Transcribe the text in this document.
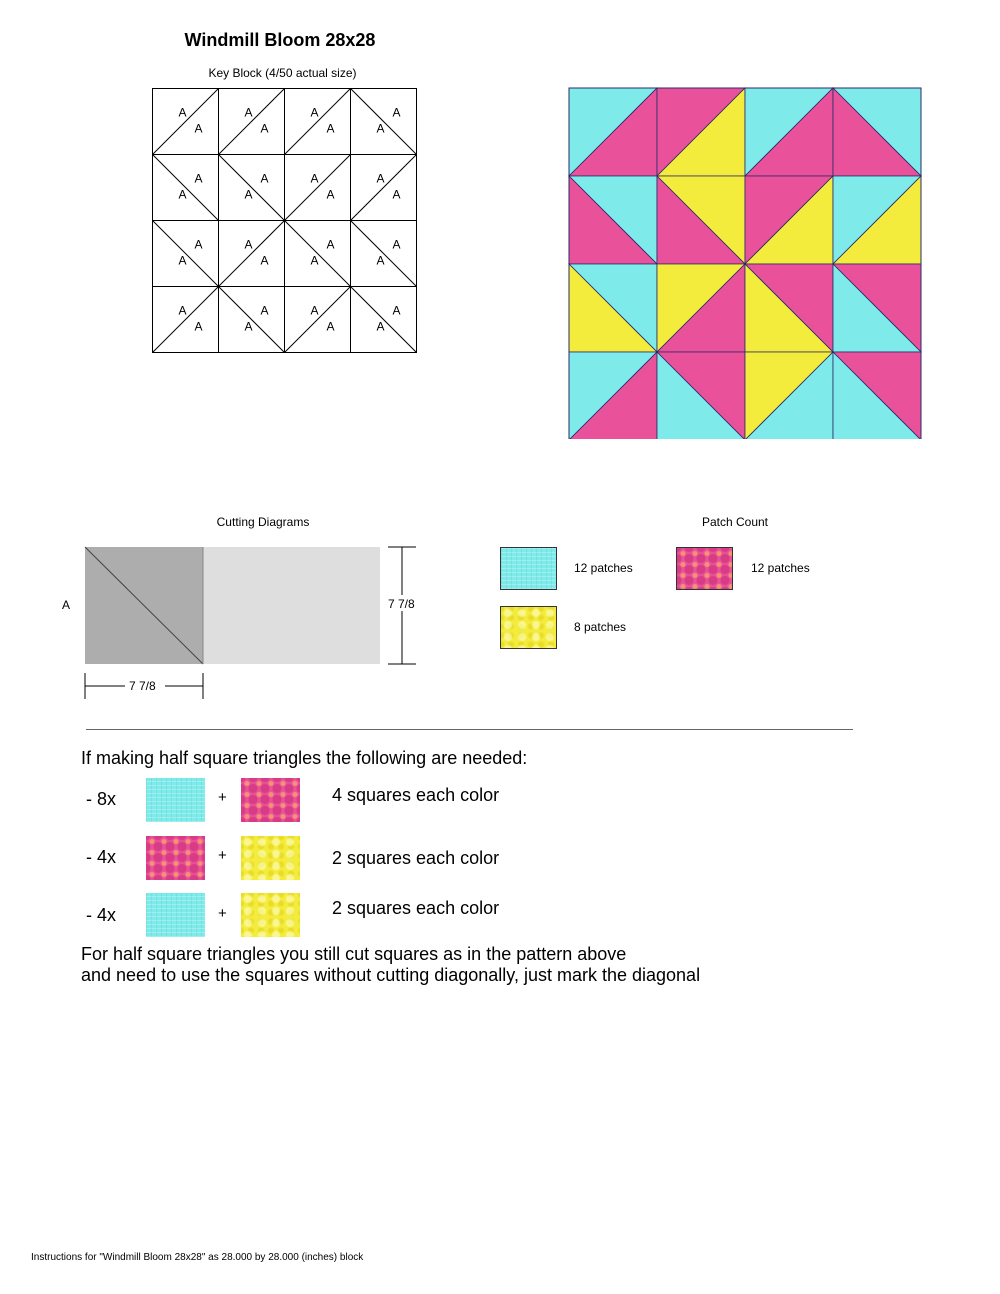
Windmill Bloom 28x28
Key Block (4/50 actual size)
A
A
A
A
A
A
A
A
A
A
A
A
A
A
A
A
A
A
A
A
A
A
A
A
A
A
A
A
A
A
A
A
Cutting Diagrams	Patch Count
A	7 7/8
7 7/8
12 patches	12 patches
8 patches
If making half square triangles the following are needed:
- 8x	+	4 squares each color
- 4x	+	2 squares each color
- 4x	+	2 squares each color
For half square triangles you still cut squares as in the pattern above
and need to use the squares without cutting diagonally, just mark the diagonal
Instructions for "Windmill Bloom 28x28" as 28.000 by 28.000 (inches) block
